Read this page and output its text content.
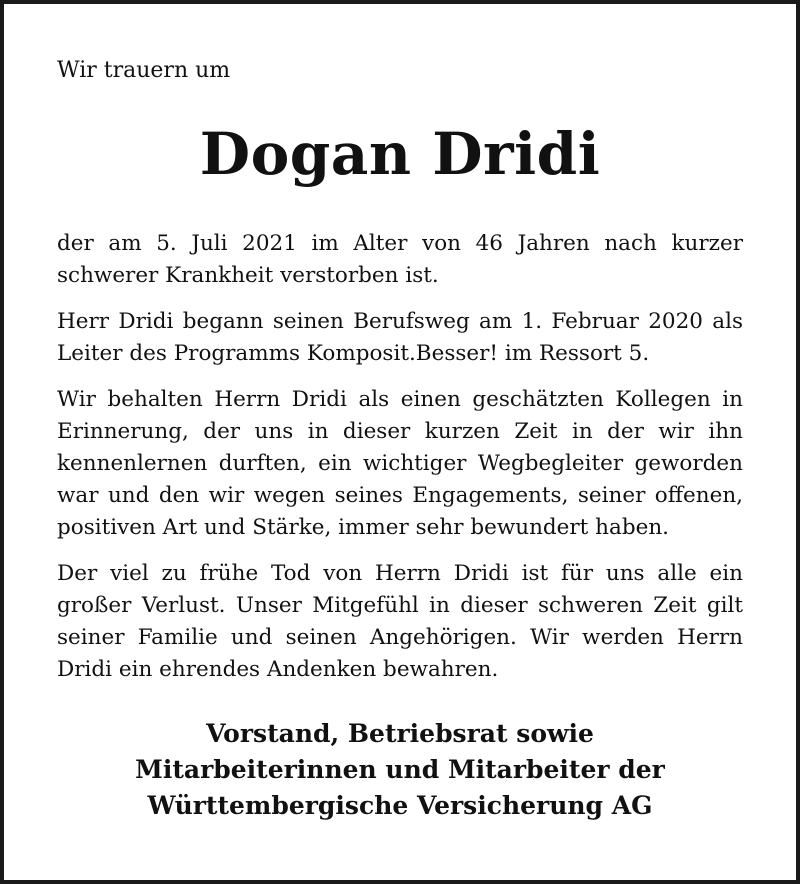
Wir trauern um

Dogan Dridi

der am 5. Juli 2021 im Alter von 46 Jahren nach kurzer schwerer Krankheit verstorben ist.

Herr Dridi begann seinen Berufsweg am 1. Februar 2020 als Leiter des Programms Komposit.Besser! im Ressort 5.

Wir behalten Herrn Dridi als einen geschätzten Kollegen in Erinnerung, der uns in dieser kurzen Zeit in der wir ihn kennenlernen durften, ein wichtiger Wegbegleiter geworden war und den wir wegen seines Engagements, seiner offenen, positiven Art und Stärke, immer sehr bewundert haben.

Der viel zu frühe Tod von Herrn Dridi ist für uns alle ein großer Verlust. Unser Mitgefühl in dieser schweren Zeit gilt seiner Familie und seinen Angehörigen. Wir werden Herrn Dridi ein ehrendes Andenken bewahren.

Vorstand, Betriebsrat sowie
Mitarbeiterinnen und Mitarbeiter der
Württembergische Versicherung AG
